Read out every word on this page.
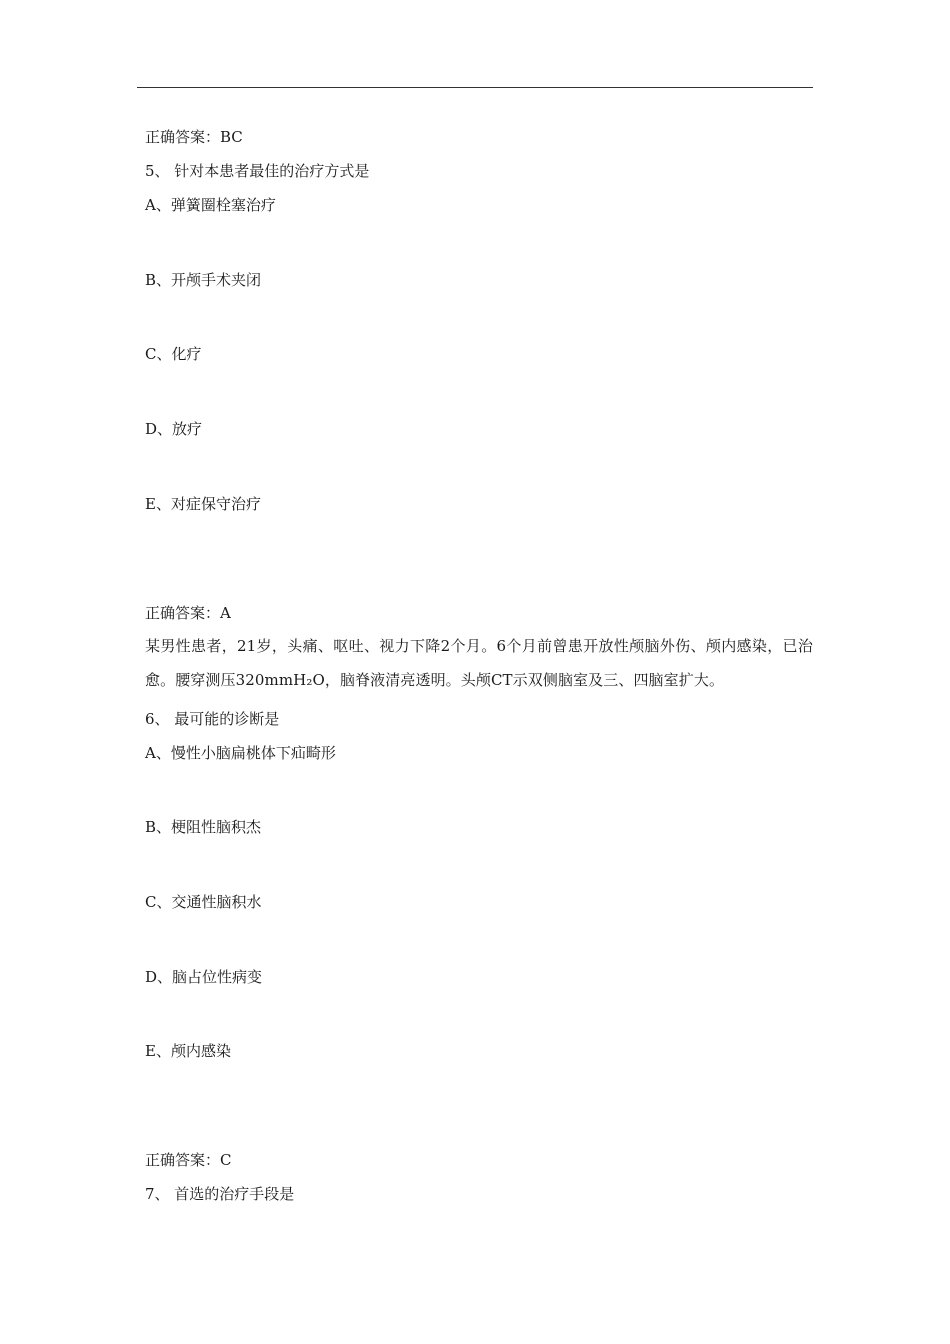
正确答案：BC
5、 针对本患者最佳的治疗方式是
A、弹簧圈栓塞治疗
B、开颅手术夹闭
C、化疗
D、放疗
E、对症保守治疗
正确答案：A
某男性患者，21岁，头痛、呕吐、视力下降2个月。6个月前曾患开放性颅脑外伤、颅内感染，已治愈。腰穿测压320mmH₂O，脑脊液清亮透明。头颅CT示双侧脑室及三、四脑室扩大。
6、 最可能的诊断是
A、慢性小脑扁桃体下疝畸形
B、梗阻性脑积杰
C、交通性脑积水
D、脑占位性病变
E、颅内感染
正确答案：C
7、 首选的治疗手段是
